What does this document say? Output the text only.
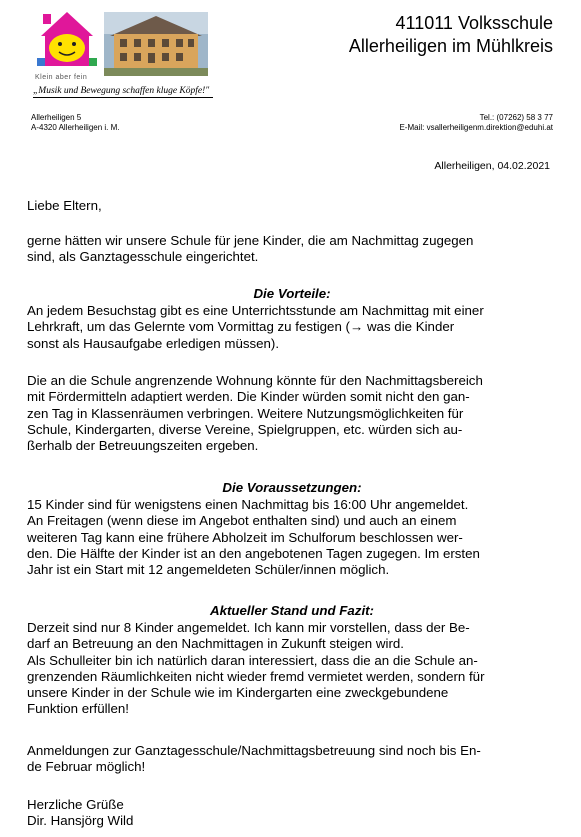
Klein aber fein
„Musik und Bewegung schaffen kluge Köpfe!"
411011 Volksschule
Allerheiligen im Mühlkreis
Allerheiligen 5
A-4320 Allerheiligen i. M.
Tel.: (07262) 58 3 77
E-Mail: vsallerheiligenm.direktion@eduhi.at
Allerheiligen, 04.02.2021
Liebe Eltern,
gerne hätten wir unsere Schule für jene Kinder, die am Nachmittag zugegen
sind, als Ganztagesschule eingerichtet.
Die Vorteile:
An jedem Besuchstag gibt es eine Unterrichtsstunde am Nachmittag mit einer
Lehrkraft, um das Gelernte vom Vormittag zu festigen (→ was die Kinder
sonst als Hausaufgabe erledigen müssen).
Die an die Schule angrenzende Wohnung könnte für den Nachmittagsbereich
mit Fördermitteln adaptiert werden. Die Kinder würden somit nicht den gan-
zen Tag in Klassenräumen verbringen. Weitere Nutzungsmöglichkeiten für
Schule, Kindergarten, diverse Vereine, Spielgruppen, etc. würden sich au-
ßerhalb der Betreuungszeiten ergeben.
Die Voraussetzungen:
15 Kinder sind für wenigstens einen Nachmittag bis 16:00 Uhr angemeldet.
An Freitagen (wenn diese im Angebot enthalten sind) und auch an einem
weiteren Tag kann eine frühere Abholzeit im Schulforum beschlossen wer-
den. Die Hälfte der Kinder ist an den angebotenen Tagen zugegen. Im ersten
Jahr ist ein Start mit 12 angemeldeten Schüler/innen möglich.
Aktueller Stand und Fazit:
Derzeit sind nur 8 Kinder angemeldet. Ich kann mir vorstellen, dass der Be-
darf an Betreuung an den Nachmittagen in Zukunft steigen wird.
Als Schulleiter bin ich natürlich daran interessiert, dass die an die Schule an-
grenzenden Räumlichkeiten nicht wieder fremd vermietet werden, sondern für
unsere Kinder in der Schule wie im Kindergarten eine zweckgebundene
Funktion erfüllen!
Anmeldungen zur Ganztagesschule/Nachmittagsbetreuung sind noch bis En-
de Februar möglich!
Herzliche Grüße
Dir. Hansjörg Wild
